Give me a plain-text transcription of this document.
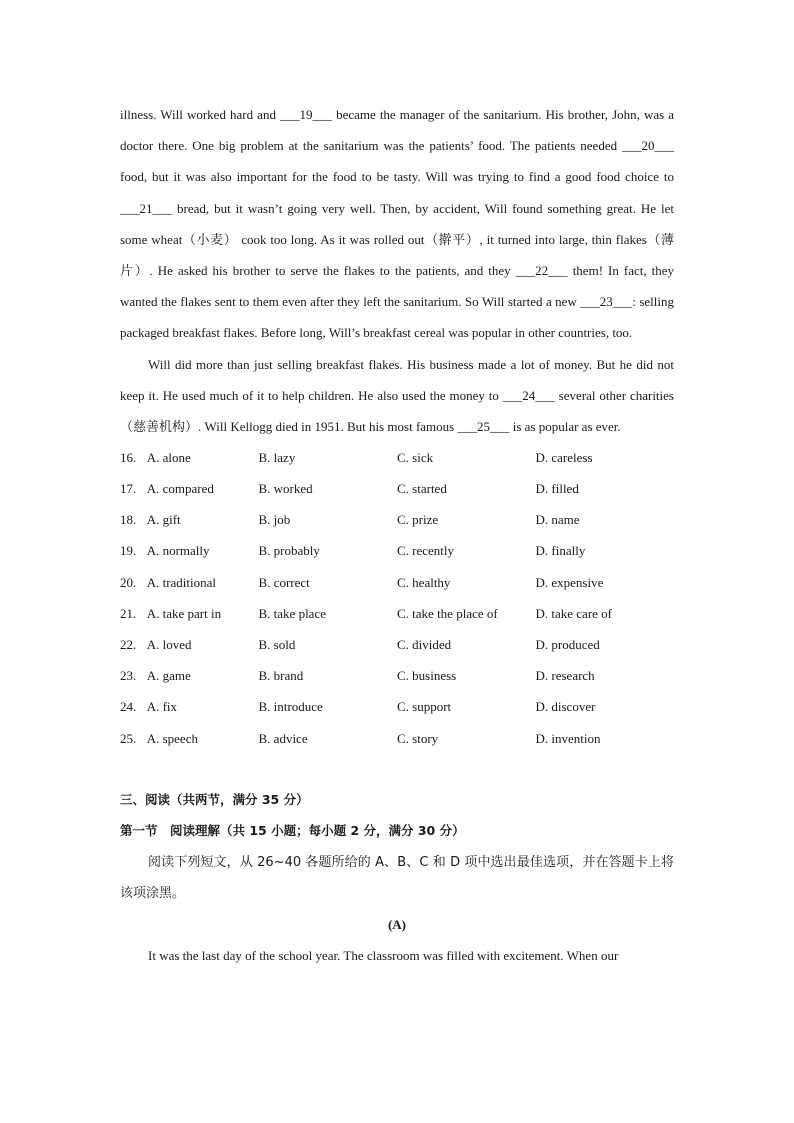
illness. Will worked hard and ___19___ became the manager of the sanitarium. His brother, John, was a doctor there. One big problem at the sanitarium was the patients’ food. The patients needed ___20___ food, but it was also important for the food to be tasty. Will was trying to find a good food choice to ___21___ bread, but it wasn’t going very well. Then, by accident, Will found something great. He let some wheat（小麦） cook too long. As it was rolled out（擀平）, it turned into large, thin flakes（薄片）. He asked his brother to serve the flakes to the patients, and they ___22___ them! In fact, they wanted the flakes sent to them even after they left the sanitarium. So Will started a new ___23___: selling packaged breakfast flakes. Before long, Will’s breakfast cereal was popular in other countries, too.

Will did more than just selling breakfast flakes. His business made a lot of money. But he did not keep it. He used much of it to help children. He also used the money to ___24___ several other charities（慈善机构）. Will Kellogg died in 1951. But his most famous ___25___ is as popular as ever.

16. A. alone	B. lazy	C. sick	D. careless
17. A. compared	B. worked	C. started	D. filled
18. A. gift	B. job	C. prize	D. name
19. A. normally	B. probably	C. recently	D. finally
20. A. traditional	B. correct	C. healthy	D. expensive
21. A. take part in	B. take place	C. take the place of	D. take care of
22. A. loved	B. sold	C. divided	D. produced
23. A. game	B. brand	C. business	D. research
24. A. fix	B. introduce	C. support	D. discover
25. A. speech	B. advice	C. story	D. invention

三、阅读（共两节，满分 35 分）

第一节　阅读理解（共 15 小题；每小题 2 分，满分 30 分）

阅读下列短文，从 26~40 各题所给的 A、B、C 和 D 项中选出最佳选项，并在答题卡上将该项涂黑。

(A)

It was the last day of the school year. The classroom was filled with excitement. When our
